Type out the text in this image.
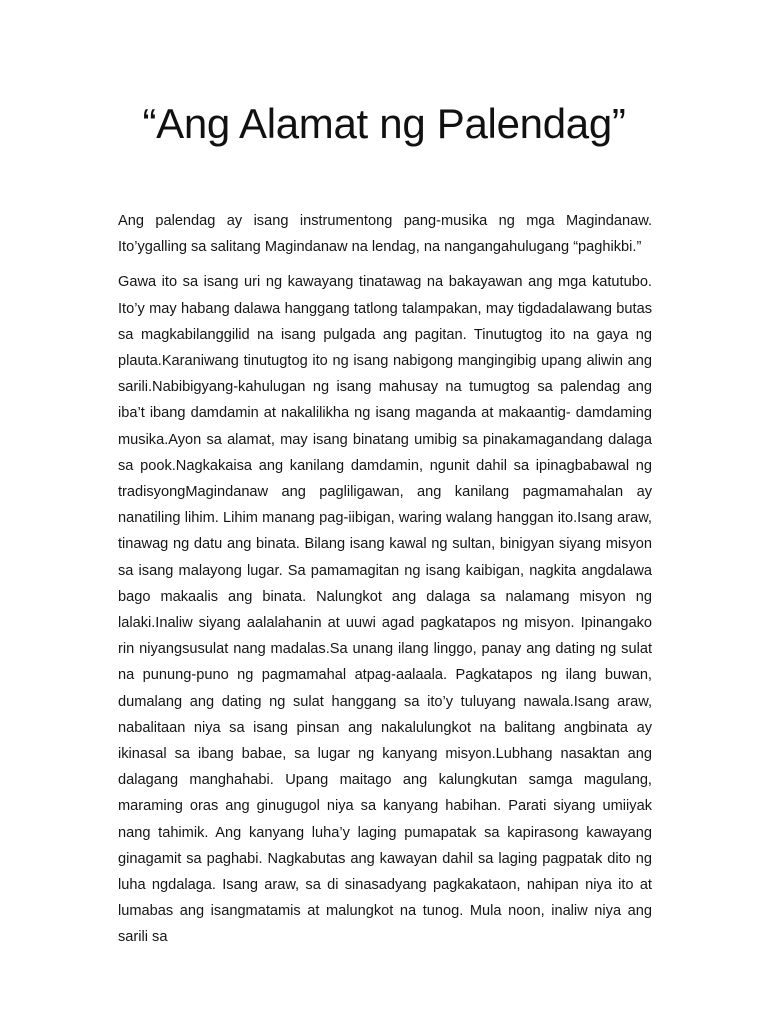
“Ang Alamat ng Palendag”

Ang palendag ay isang instrumentong pang-musika ng mga Magindanaw. Ito’ygalling sa salitang Magindanaw na lendag, na nangangahulugang “paghikbi.”

Gawa ito sa isang uri ng kawayang tinatawag na bakayawan ang mga katutubo. Ito’y may habang dalawa hanggang tatlong talampakan, may tigdadalawang butas sa magkabilanggilid na isang pulgada ang pagitan. Tinutugtog ito na gaya ng plauta.Karaniwang tinutugtog ito ng isang nabigong mangingibig upang aliwin ang sarili.Nabibigyang-kahulugan ng isang mahusay na tumugtog sa palendag ang iba’t ibang damdamin at nakalilikha ng isang maganda at makaantig- damdaming musika.Ayon sa alamat, may isang binatang umibig sa pinakamagandang dalaga sa pook.Nagkakaisa ang kanilang damdamin, ngunit dahil sa ipinagbabawal ng tradisyongMagindanaw ang pagliligawan, ang kanilang pagmamahalan ay nanatiling lihim. Lihim manang pag-iibigan, waring walang hanggan ito.Isang araw, tinawag ng datu ang binata. Bilang isang kawal ng sultan, binigyan siyang misyon sa isang malayong lugar. Sa pamamagitan ng isang kaibigan, nagkita angdalawa bago makaalis ang binata. Nalungkot ang dalaga sa nalamang misyon ng lalaki.Inaliw siyang aalalahanin at uuwi agad pagkatapos ng misyon. Ipinangako rin niyangsusulat nang madalas.Sa unang ilang linggo, panay ang dating ng sulat na punung-puno ng pagmamahal atpag-aalaala. Pagkatapos ng ilang buwan, dumalang ang dating ng sulat hanggang sa ito’y tuluyang nawala.Isang araw, nabalitaan niya sa isang pinsan ang nakalulungkot na balitang angbinata ay ikinasal sa ibang babae, sa lugar ng kanyang misyon.Lubhang nasaktan ang dalagang manghahabi. Upang maitago ang kalungkutan samga magulang, maraming oras ang ginugugol niya sa kanyang habihan. Parati siyang umiiyak nang tahimik. Ang kanyang luha’y laging pumapatak sa kapirasong kawayang ginagamit sa paghabi. Nagkabutas ang kawayan dahil sa laging pagpatak dito ng luha ngdalaga. Isang araw, sa di sinasadyang pagkakataon, nahipan niya ito at lumabas ang isangmatamis at malungkot na tunog. Mula noon, inaliw niya ang sarili sa
